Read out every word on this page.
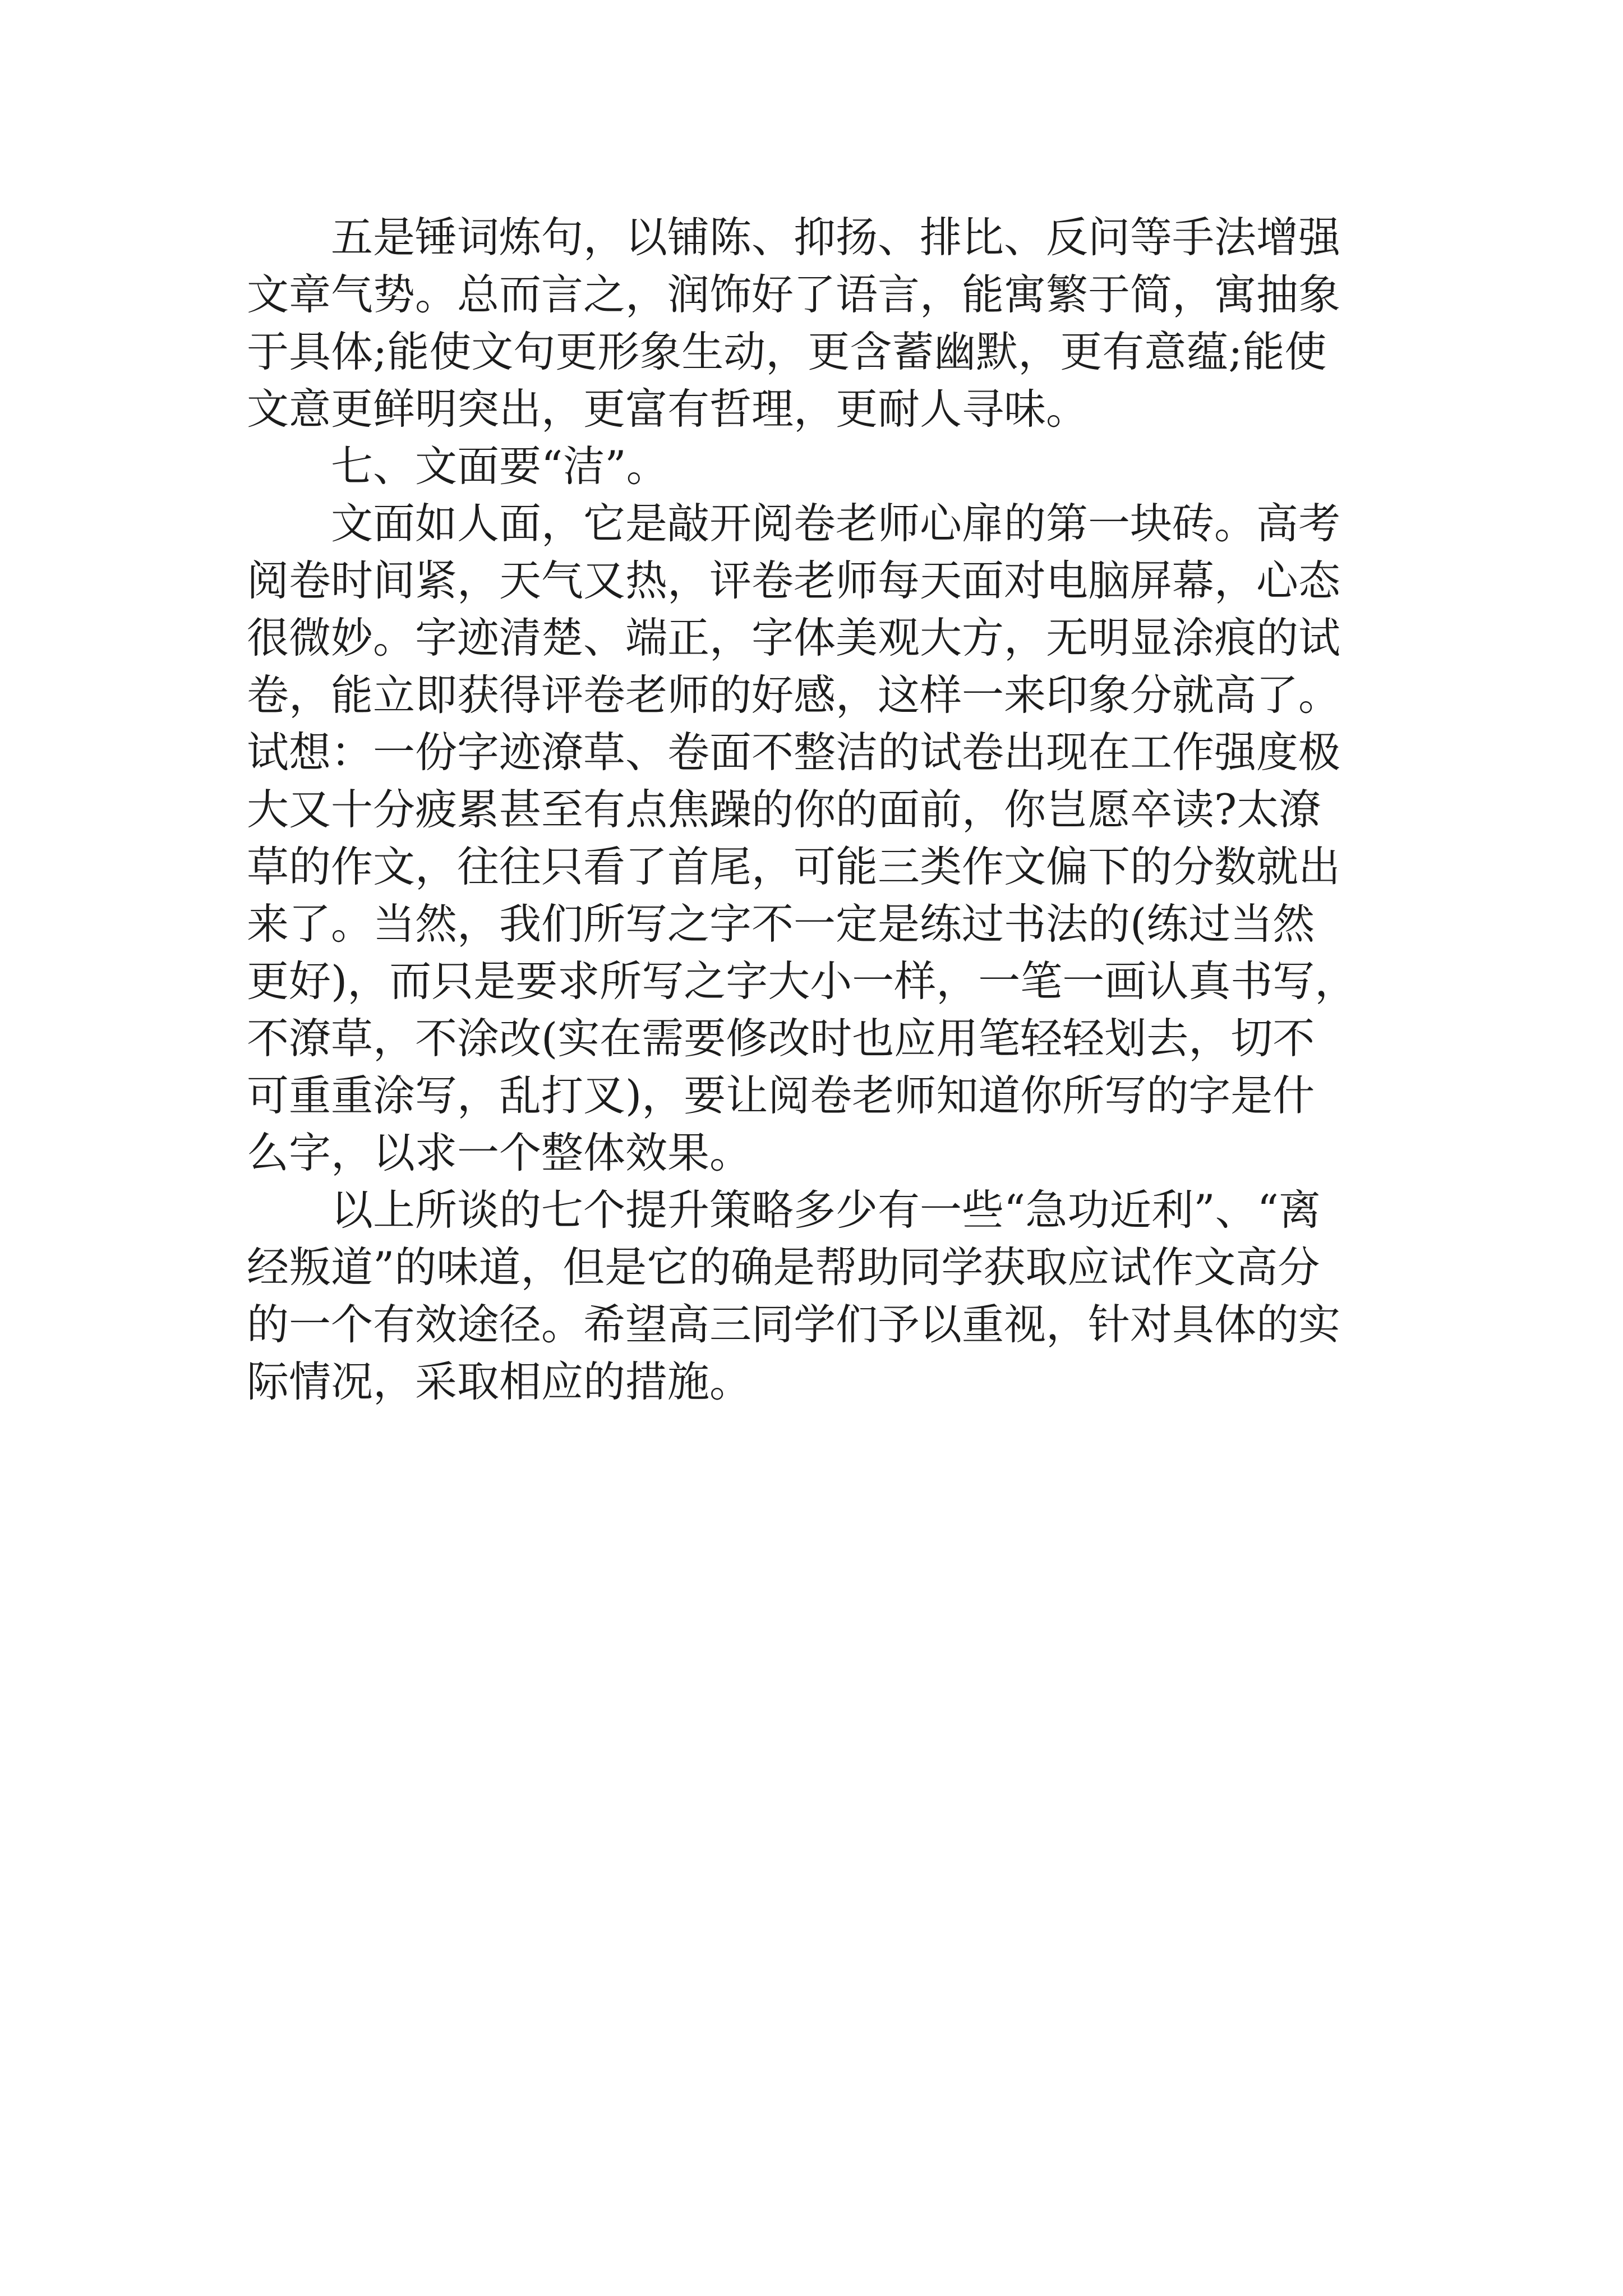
五是锤词炼句，以铺陈、抑扬、排比、反问等手法增强
文章气势。总而言之，润饰好了语言，能寓繁于简，寓抽象
于具体;能使文句更形象生动，更含蓄幽默，更有意蕴;能使
文意更鲜明突出，更富有哲理，更耐人寻味。
七、文面要“洁”。
文面如人面，它是敲开阅卷老师心扉的第一块砖。高考
阅卷时间紧，天气又热，评卷老师每天面对电脑屏幕，心态
很微妙。字迹清楚、端正，字体美观大方，无明显涂痕的试
卷，能立即获得评卷老师的好感，这样一来印象分就高了。
试想：一份字迹潦草、卷面不整洁的试卷出现在工作强度极
大又十分疲累甚至有点焦躁的你的面前，你岂愿卒读?太潦
草的作文，往往只看了首尾，可能三类作文偏下的分数就出
来了。当然，我们所写之字不一定是练过书法的(练过当然
更好)，而只是要求所写之字大小一样，一笔一画认真书写，
不潦草，不涂改(实在需要修改时也应用笔轻轻划去，切不
可重重涂写，乱打叉)，要让阅卷老师知道你所写的字是什
么字，以求一个整体效果。
以上所谈的七个提升策略多少有一些“急功近利”、“离
经叛道”的味道，但是它的确是帮助同学获取应试作文高分
的一个有效途径。希望高三同学们予以重视，针对具体的实
际情况，采取相应的措施。
